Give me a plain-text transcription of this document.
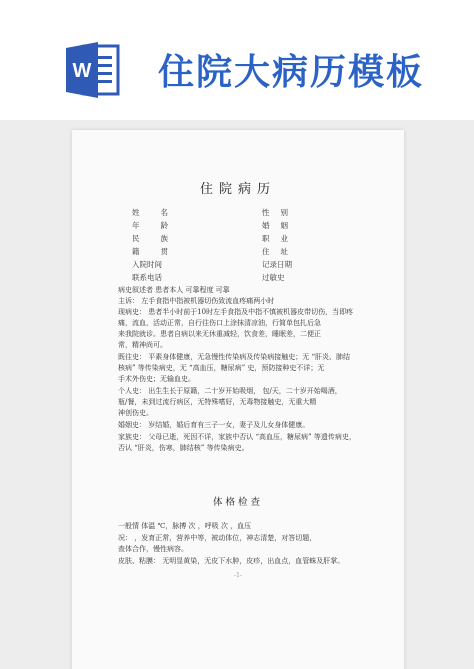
W 住院大病历模板
住院病历
姓名
年龄
民族
籍贯
入院时间
联系电话
性别
婚姻
职业
住址
记录日期
过敏史
病史叙述者 患者本人 可靠程度 可靠
主诉： 左手食指中指被机器切伤致流血疼痛两小时
现病史： 患者半小时前于10时左手食指及中指不慎被机器皮带切伤，当即疼
痛，流血，活动正常，自行往伤口上涂抹清凉油，行简单包扎后急
来我院就诊。患者自病以来无休重减轻，饮食差，睡眠差，二便正
常，精神尚可。
既往史： 平素身体健康，无急慢性传染病及传染病接触史；无 “肝炎、肺结
核病” 等传染病史，无 “高血压，糖尿病” 史，预防接种史不详；无
手术外伤史；无输血史。
个人史： 出生生长于原籍，二十岁开始吸烟， 包/天，二十岁开始喝酒，
瓶/餐，未到过流行病区，无特殊嗜好，无毒物接触史，无重大精
神创伤史。
婚姻史： 岁结婚，婚后育有三子一女，妻子及儿女身体健康。
家族史： 父母已逝，死因不详，家族中否认 “高血压，糖尿病” 等遗传病史，
否认 “肝炎，伤寒，肺结核” 等传染病史。
体格检查
一般情 体温 ℃，脉搏 次 ，呼吸 次 ，血压
况： ，发育正常，营养中等，被动体位，神志清楚，对答切题，
查体合作，慢性病容。
皮肤、粘膜： 无明显黄染，无皮下水肿，皮疹，出血点，血管蛛及肝掌。
-1-
